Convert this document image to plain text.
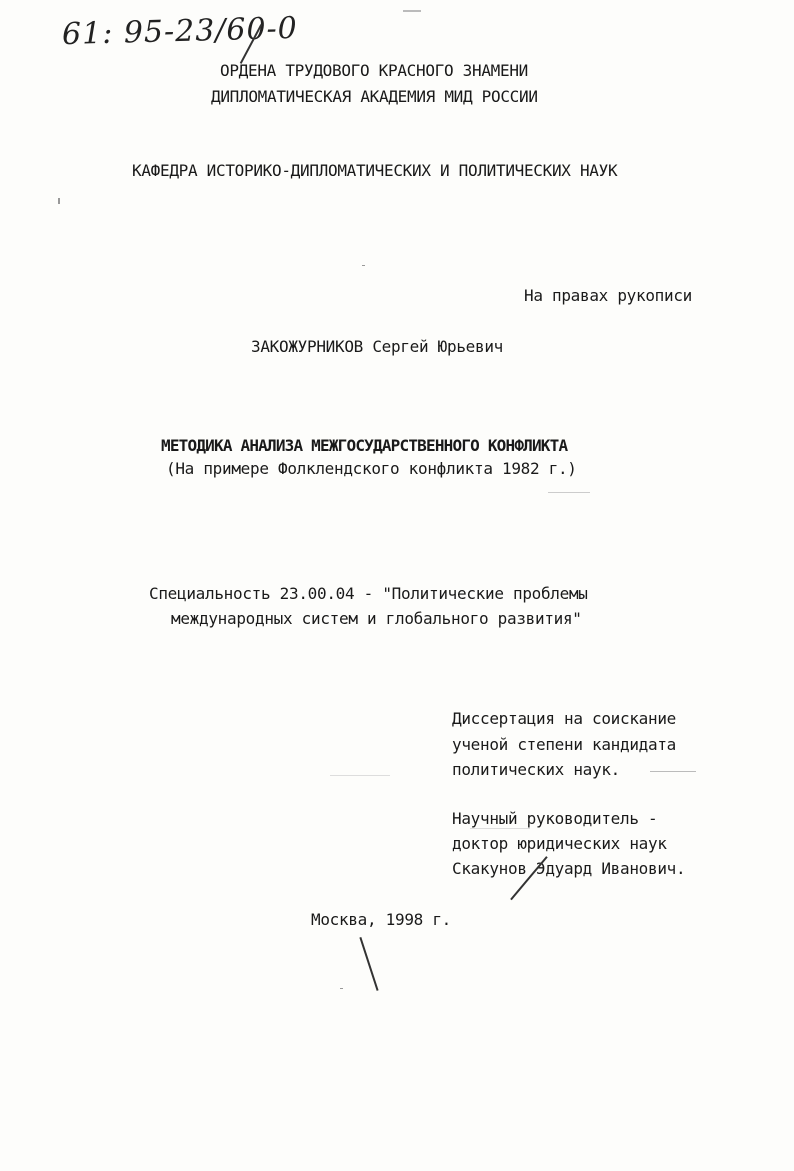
61: 95-23/60-0
ОРДЕНА ТРУДОВОГО КРАСНОГО ЗНАМЕНИ
ДИПЛОМАТИЧЕСКАЯ АКАДЕМИЯ МИД РОССИИ
КАФЕДРА ИСТОРИКО-ДИПЛОМАТИЧЕСКИХ И ПОЛИТИЧЕСКИХ НАУК
На правах рукописи
ЗАКОЖУРНИКОВ Сергей Юрьевич
МЕТОДИКА АНАЛИЗА МЕЖГОСУДАРСТВЕННОГО КОНФЛИКТА
(На примере Фолклендского конфликта 1982 г.)
Специальность 23.00.04 - "Политические проблемы
международных систем и глобального развития"
Диссертация на соискание
ученой степени кандидата
политических наук.
Научный руководитель -
доктор юридических наук
Скакунов Эдуард Иванович.
Москва, 1998 г.
